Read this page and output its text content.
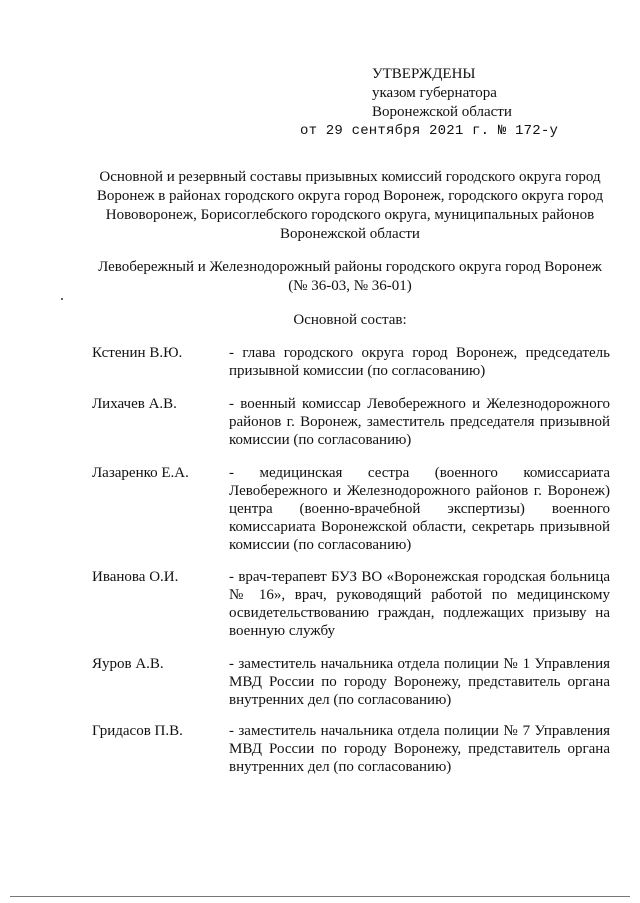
УТВЕРЖДЕНЫ
указом губернатора
Воронежской области
от 29 сентября 2021 г. № 172-у
Основной и резервный составы призывных комиссий городского округа город Воронеж в районах городского округа город Воронеж, городского округа город Нововоронеж, Борисоглебского городского округа, муниципальных районов Воронежской области
Левобережный и Железнодорожный районы городского округа город Воронеж (№ 36-03, № 36-01)
Основной состав:
Кстенин В.Ю.	- глава городского округа город Воронеж, председатель призывной комиссии (по согласованию)
Лихачев А.В.	- военный комиссар Левобережного и Железнодорожного районов г. Воронеж, заместитель председателя призывной комиссии (по согласованию)
Лазаренко Е.А.	- медицинская сестра (военного комиссариата Левобережного и Железнодорожного районов г. Воронеж) центра (военно-врачебной экспертизы) военного комиссариата Воронежской области, секретарь призывной комиссии (по согласованию)
Иванова О.И.	- врач-терапевт БУЗ ВО «Воронежская городская больница № 16», врач, руководящий работой по медицинскому освидетельствованию граждан, подлежащих призыву на военную службу
Яуров А.В.	- заместитель начальника отдела полиции № 1 Управления МВД России по городу Воронежу, представитель органа внутренних дел (по согласованию)
Гридасов П.В.	- заместитель начальника отдела полиции № 7 Управления МВД России по городу Воронежу, представитель органа внутренних дел (по согласованию)
